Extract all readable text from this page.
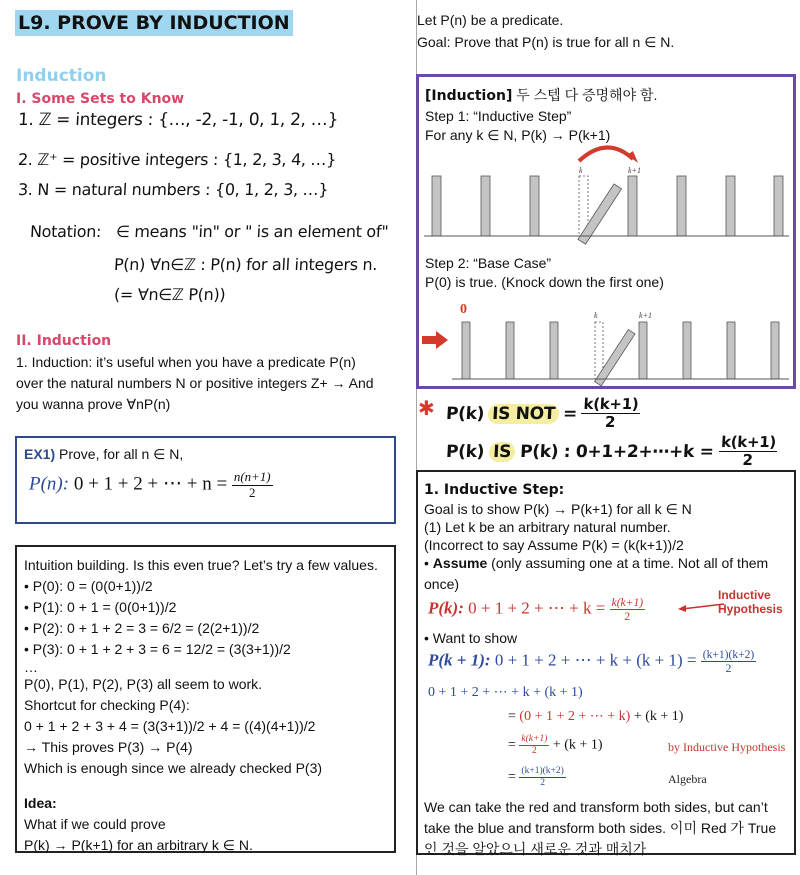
L9. PROVE BY INDUCTION
Induction
I. Some Sets to Know
1. ℤ = integers : {…, -2, -1, 0, 1, 2, …}
2. ℤ⁺ = positive integers : {1, 2, 3, 4, …}
3. N = natural numbers : {0, 1, 2, 3, …}
Notation: ∈ means "in" or " is an element of"
P(n) ∀n∈ℤ : P(n) for all integers n.
(= ∀n∈ℤ P(n))
II. Induction
1. Induction: it’s useful when you have a predicate P(n) over the natural numbers N or positive integers Z+ → And you wanna prove ∀nP(n)
EX1) Prove, for all n ∈ N,
P(n): 0 + 1 + 2 + ⋯ + $n = \frac{n(n+1)}{2}$
Intuition building. Is this even true? Let’s try a few values.
• P(0): 0 = (0(0+1))/2
• P(1): 0 + 1 = (0(0+1))/2
• P(2): 0 + 1 + 2 = 3 = 6/2 = (2(2+1))/2
• P(3): 0 + 1 + 2 + 3 = 6 = 12/2 = (3(3+1))/2
…
P(0), P(1), P(2), P(3) all seem to work.
Shortcut for checking P(4):
0 + 1 + 2 + 3 + 4 = (3(3+1))/2 + 4 = ((4)(4+1))/2
→ This proves P(3) → P(4)
Which is enough since we already checked P(3)
Idea:
What if we could prove
P(k) → P(k+1) for an arbitrary k ∈ N.
Let P(n) be a predicate.
Goal: Prove that P(n) is true for all n ∈ N.
[Induction] 두 스텝 다 증명해야 함.
Step 1: “Inductive Step”
For any k ∈ N, P(k) → P(k+1)
k	k+1
Step 2: “Base Case”
P(0) is true. (Knock down the first one)
0	k	k+1
✱ P(k) IS NOT = $\frac{k(k+1)}{2}$
P(k) IS P(k) : 0+1+2+⋯+k = $\frac{k(k+1)}{2}$
1. Inductive Step:
Goal is to show P(k) → P(k+1) for all k ∈ N
(1) Let k be an arbitrary natural number.
(Incorrect to say Assume P(k) = (k(k+1))/2
• Assume (only assuming one at a time. Not all of them once)
P(k): 0 + 1 + 2 + ⋯ + $k = \frac{k(k+1)}{2}$
Inductive
Hypothesis
• Want to show
P(k + 1): 0 + 1 + 2 + ⋯ + $k + (k + 1) = \frac{(k+1)(k+2)}{2}$
0 + 1 + 2 + ⋯ + k + (k + 1)
= (0 + 1 + 2 + ⋯ + k) + (k + 1)
= $\frac{k(k+1)}{2} + (k + 1)$	by Inductive Hypothesis
= $\frac{(k+1)(k+2)}{2}$	Algebra
We can take the red and transform both sides, but can’t take the blue and transform both sides. 이미 Red 가 True 인 것을 알았으니 새로운 것과 매치가
